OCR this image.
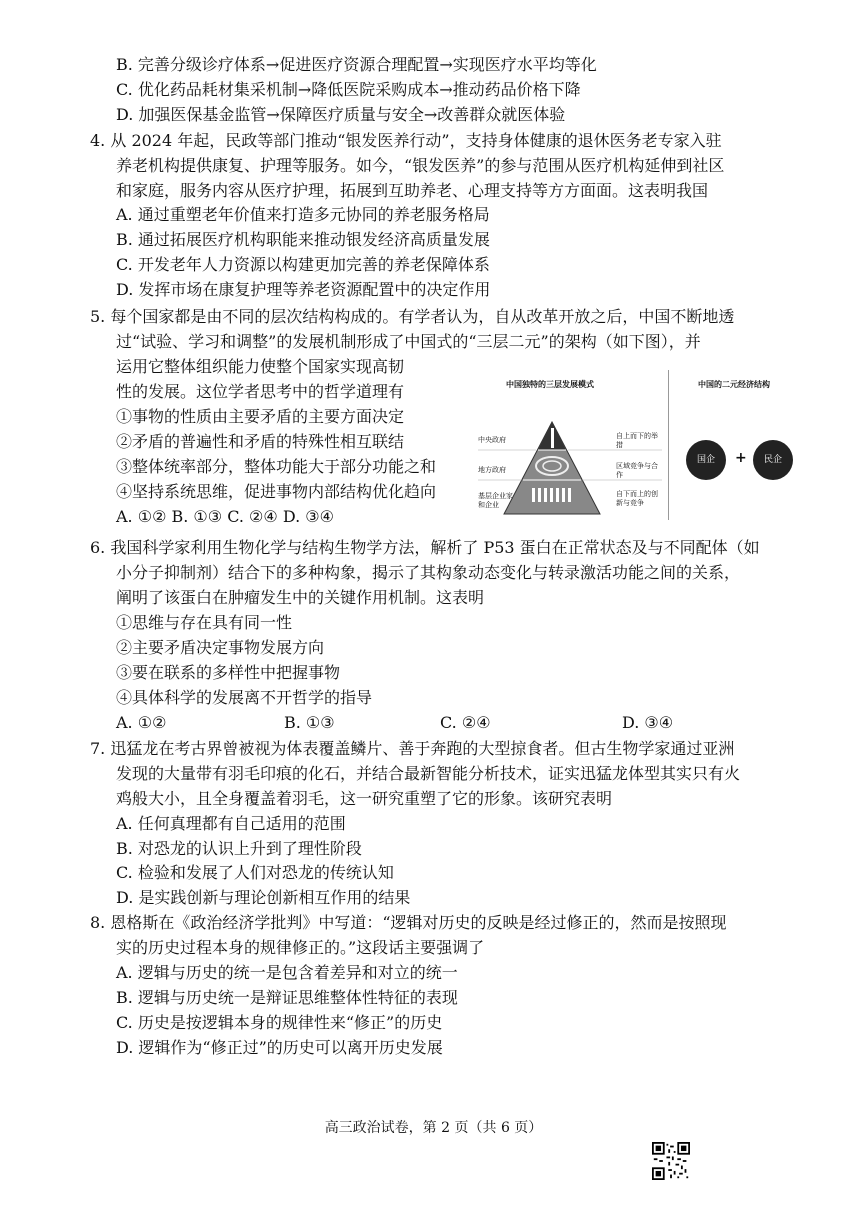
B. 完善分级诊疗体系→促进医疗资源合理配置→实现医疗水平均等化
C. 优化药品耗材集采机制→降低医院采购成本→推动药品价格下降
D. 加强医保基金监管→保障医疗质量与安全→改善群众就医体验
4. 从 2024 年起，民政等部门推动“银发医养行动”，支持身体健康的退休医务老专家入驻
养老机构提供康复、护理等服务。如今，“银发医养”的参与范围从医疗机构延伸到社区
和家庭，服务内容从医疗护理，拓展到互助养老、心理支持等方方面面。这表明我国
A. 通过重塑老年价值来打造多元协同的养老服务格局
B. 通过拓展医疗机构职能来推动银发经济高质量发展
C. 开发老年人力资源以构建更加完善的养老保障体系
D. 发挥市场在康复护理等养老资源配置中的决定作用
5. 每个国家都是由不同的层次结构构成的。有学者认为，自从改革开放之后，中国不断地透
过“试验、学习和调整”的发展机制形成了中国式的“三层二元”的架构（如下图），并
运用它整体组织能力使整个国家实现高韧
性的发展。这位学者思考中的哲学道理有
①事物的性质由主要矛盾的主要方面决定
②矛盾的普遍性和矛盾的特殊性相互联结
③整体统率部分，整体功能大于部分功能之和
④坚持系统思维，促进事物内部结构优化趋向
A. ①② B. ①③ C. ②④ D. ③④
中国独特的三层发展模式	中国的二元经济结构
中央政府
地方政府
基层企业家和企业
自上而下的举措
区域竞争与合作
自下而上的创新与竞争
国企	+	民企
6. 我国科学家利用生物化学与结构生物学方法，解析了 P53 蛋白在正常状态及与不同配体（如
小分子抑制剂）结合下的多种构象，揭示了其构象动态变化与转录激活功能之间的关系，
阐明了该蛋白在肿瘤发生中的关键作用机制。这表明
①思维与存在具有同一性
②主要矛盾决定事物发展方向
③要在联系的多样性中把握事物
④具体科学的发展离不开哲学的指导
A. ①②	B. ①③	C. ②④	D. ③④
7. 迅猛龙在考古界曾被视为体表覆盖鳞片、善于奔跑的大型掠食者。但古生物学家通过亚洲
发现的大量带有羽毛印痕的化石，并结合最新智能分析技术，证实迅猛龙体型其实只有火
鸡般大小，且全身覆盖着羽毛，这一研究重塑了它的形象。该研究表明
A. 任何真理都有自己适用的范围
B. 对恐龙的认识上升到了理性阶段
C. 检验和发展了人们对恐龙的传统认知
D. 是实践创新与理论创新相互作用的结果
8. 恩格斯在《政治经济学批判》中写道：“逻辑对历史的反映是经过修正的，然而是按照现
实的历史过程本身的规律修正的。”这段话主要强调了
A. 逻辑与历史的统一是包含着差异和对立的统一
B. 逻辑与历史统一是辩证思维整体性特征的表现
C. 历史是按逻辑本身的规律性来“修正”的历史
D. 逻辑作为“修正过”的历史可以离开历史发展
高三政治试卷，第 2 页（共 6 页）
